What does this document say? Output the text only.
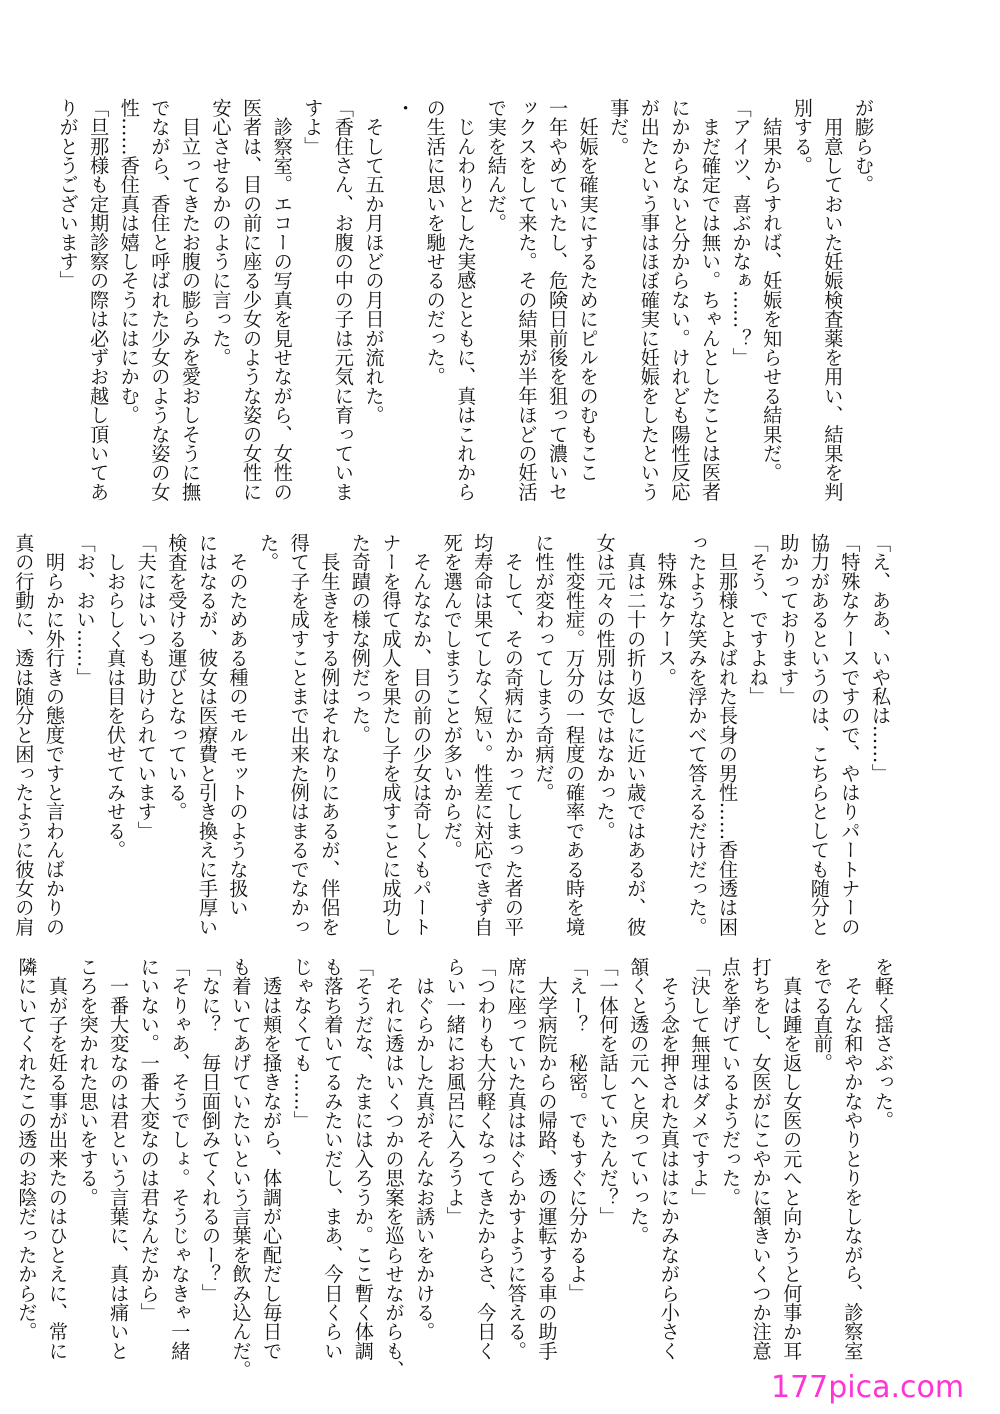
が膨らむ。

　用意しておいた妊娠検査薬を用い、結果を判

別する。

　結果からすれば、妊娠を知らせる結果だ。

「アイツ、喜ぶかなぁ……？」

　まだ確定では無い。ちゃんとしたことは医者

にかからないと分からない。けれども陽性反応

が出たという事はほぼ確実に妊娠をしたという

事だ。

　妊娠を確実にするためにピルをのむもここ

一年やめていたし、危険日前後を狙って濃いセ

ックスをして来た。その結果が半年ほどの妊活

で実を結んだ。

　じんわりとした実感とともに、真はこれから

の生活に思いを馳せるのだった。

・

　そして五か月ほどの月日が流れた。

「香住さん、お腹の中の子は元気に育っていま

すよ」

　診察室。エコーの写真を見せながら、女性の

医者は、目の前に座る少女のような姿の女性に

安心させるかのように言った。

　目立ってきたお腹の膨らみを愛おしそうに撫

でながら、香住と呼ばれた少女のような姿の女

性……香住真は嬉しそうにはにかむ。

「旦那様も定期診察の際は必ずお越し頂いてあ

りがとうございます」

「え、ああ、いや私は……」

「特殊なケースですので、やはりパートナーの

協力があるというのは、こちらとしても随分と

助かっております」

「そう、ですよね」

　旦那様とよばれた長身の男性……香住透は困

ったような笑みを浮かべて答えるだけだった。

　特殊なケース。

　真は二十の折り返しに近い歳ではあるが、彼

女は元々の性別は女ではなかった。

　性変性症。万分の一程度の確率である時を境

に性が変わってしまう奇病だ。

　そして、その奇病にかかってしまった者の平

均寿命は果てしなく短い。性差に対応できず自

死を選んでしまうことが多いからだ。

　そんななか、目の前の少女は奇しくもパート

ナーを得て成人を果たし子を成すことに成功し

た奇蹟の様な例だった。

　長生きをする例はそれなりにあるが、伴侶を

得て子を成すことまで出来た例はまるでなかっ

た。

　そのためある種のモルモットのような扱い

にはなるが、彼女は医療費と引き換えに手厚い

検査を受ける運びとなっている。

「夫にはいつも助けられています」

　しおらしく真は目を伏せてみせる。

「お、おい……」

　明らかに外行きの態度ですと言わんばかりの

真の行動に、透は随分と困ったように彼女の肩

を軽く揺さぶった。

　そんな和やかなやりとりをしながら、診察室

をでる直前。

　真は踵を返し女医の元へと向かうと何事か耳

打ちをし、女医がにこやかに頷きいくつか注意

点を挙げているようだった。

「決して無理はダメですよ」

　そう念を押された真ははにかみながら小さく

頷くと透の元へと戻っていった。

「一体何を話していたんだ？」

「えー？　秘密。でもすぐに分かるよ」

　大学病院からの帰路、透の運転する車の助手

席に座っていた真ははぐらかすように答える。

「つわりも大分軽くなってきたからさ、今日く

らい一緒にお風呂に入ろうよ」

　はぐらかした真がそんなお誘いをかける。

　それに透はいくつかの思案を巡らせながらも、

「そうだな、たまには入ろうか。ここ暫く体調

も落ち着いてるみたいだし、まあ、今日くらい

じゃなくても……」

　透は頬を掻きながら、体調が心配だし毎日で

も着いてあげていたいという言葉を飲み込んだ。

「なに？　毎日面倒みてくれるのー？」

「そりゃあ、そうでしょ。そうじゃなきゃ一緒

にいない。一番大変なのは君なんだから」

　一番大変なのは君という言葉に、真は痛いと

ころを突かれた思いをする。

　真が子を妊る事が出来たのはひとえに、常に

隣にいてくれたこの透のお陰だったからだ。

177pica.com
